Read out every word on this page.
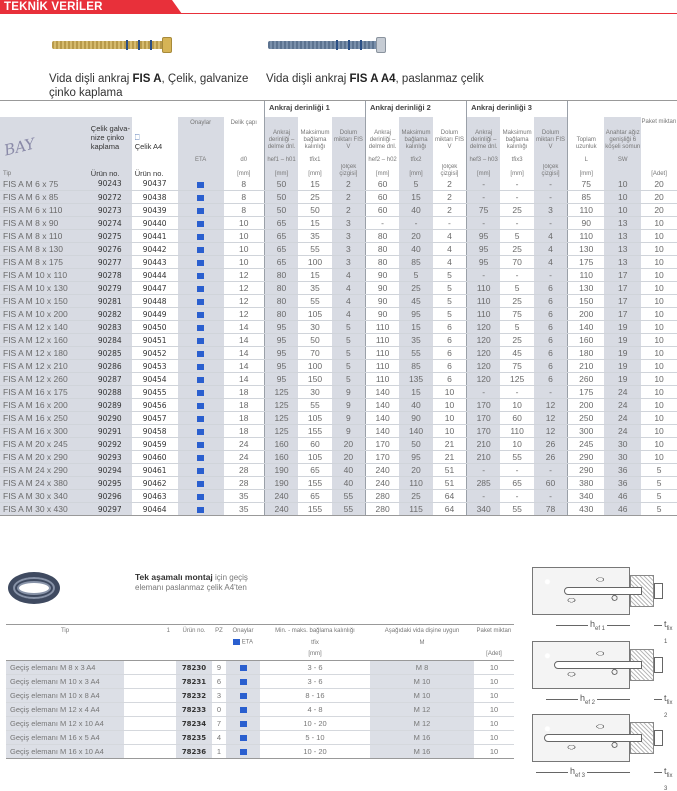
TEKNİK VERİLER
Vida dişli ankraj FIS A, Çelik, galvanize çinko kaplama
Vida dişli ankraj FIS A A4, paslanmaz çelik
BAY
					Ankraj derinliği 1			Ankraj derinliği 2			Ankraj derinliği 3					
	Çelik galva-nize çinko kaplama	⎕
Çelik A4	Onaylar	Delik çapı	Ankraj derinliği – delme dnl.	Maksimum bağlama kalınlığı	Dolum miktarı FIS V	Ankraj derinliği – delme dnl.	Maksimum bağlama kalınlığı	Dolum miktarı FIS V	Ankraj derinliği – delme dnl.	Maksimum bağlama kalınlığı	Dolum miktarı FIS V	Toplam uzunluk	Anahtar ağız genişliği 6 köşeli somun	Paket miktarı
			ETA	d0	hef1 – h01	tfix1		hef2 – h02	tfix2		hef3 – h03	tfix3		L	SW	
Tip	Ürün no.	Ürün no.		[mm]	[mm]	[mm]	[ölçek çizgisi]	[mm]	[mm]	[ölçek çizgisi]	[mm]	[mm]	[ölçek çizgisi]	[mm]		[Adet]
FIS A M 6 x 75	90243	90437		8	50	15	2	60	5	2	-	-	-	75	10	20
FIS A M 6 x 85	90272	90438		8	50	25	2	60	15	2	-	-	-	85	10	20
FIS A M 6 x 110	90273	90439		8	50	50	2	60	40	2	75	25	3	110	10	20
FIS A M 8 x 90	90274	90440		10	65	15	3	-	-	-	-	-	-	90	13	10
FIS A M 8 x 110	90275	90441		10	65	35	3	80	20	4	95	5	4	110	13	10
FIS A M 8 x 130	90276	90442		10	65	55	3	80	40	4	95	25	4	130	13	10
FIS A M 8 x 175	90277	90443		10	65	100	3	80	85	4	95	70	4	175	13	10
FIS A M 10 x 110	90278	90444		12	80	15	4	90	5	5	-	-	-	110	17	10
FIS A M 10 x 130	90279	90447		12	80	35	4	90	25	5	110	5	6	130	17	10
FIS A M 10 x 150	90281	90448		12	80	55	4	90	45	5	110	25	6	150	17	10
FIS A M 10 x 200	90282	90449		12	80	105	4	90	95	5	110	75	6	200	17	10
FIS A M 12 x 140	90283	90450		14	95	30	5	110	15	6	120	5	6	140	19	10
FIS A M 12 x 160	90284	90451		14	95	50	5	110	35	6	120	25	6	160	19	10
FIS A M 12 x 180	90285	90452		14	95	70	5	110	55	6	120	45	6	180	19	10
FIS A M 12 x 210	90286	90453		14	95	100	5	110	85	6	120	75	6	210	19	10
FIS A M 12 x 260	90287	90454		14	95	150	5	110	135	6	120	125	6	260	19	10
FIS A M 16 x 175	90288	90455		18	125	30	9	140	15	10	-	-	-	175	24	10
FIS A M 16 x 200	90289	90456		18	125	55	9	140	40	10	170	10	12	200	24	10
FIS A M 16 x 250	90290	90457		18	125	105	9	140	90	10	170	60	12	250	24	10
FIS A M 16 x 300	90291	90458		18	125	155	9	140	140	10	170	110	12	300	24	10
FIS A M 20 x 245	90292	90459		24	160	60	20	170	50	21	210	10	26	245	30	10
FIS A M 20 x 290	90293	90460		24	160	105	20	170	95	21	210	55	26	290	30	10
FIS A M 24 x 290	90294	90461		28	190	65	40	240	20	51	-	-	-	290	36	5
FIS A M 24 x 380	90295	90462		28	190	155	40	240	110	51	285	65	60	380	36	5
FIS A M 30 x 340	90296	90463		35	240	65	55	280	25	64	-	-	-	340	46	5
FIS A M 30 x 430	90297	90464		35	240	155	55	280	115	64	340	55	78	430	46	5
Tek aşamalı montaj için geçiş
elemanı paslanmaz çelik A4'ten
Tip	1	Ürün no.	PZ	Onaylar	Min. - maks. bağlama kalınlığı	Aşağıdaki vida dişine uygun	Paket miktarı
				ETA	tfix	M	
					[mm]		[Adet]
Geçiş elemanı M 8 x 3 A4		78230	9		3 - 6	M 8	10
Geçiş elemanı M 10 x 3 A4		78231	6		3 - 6	M 10	10
Geçiş elemanı M 10 x 8 A4		78232	3		8 - 16	M 10	10
Geçiş elemanı M 12 x 4 A4		78233	0		4 - 8	M 12	10
Geçiş elemanı M 12 x 10 A4		78234	7		10 - 20	M 12	10
Geçiş elemanı M 16 x 5 A4		78235	4		5 - 10	M 16	10
Geçiş elemanı M 16 x 10 A4		78236	1		10 - 20	M 16	10
$h_{ef 1}$	$t_{fix 1}$
$h_{ef 2}$	$t_{fix 2}$
$h_{ef 3}$	$t_{fix 3}$
